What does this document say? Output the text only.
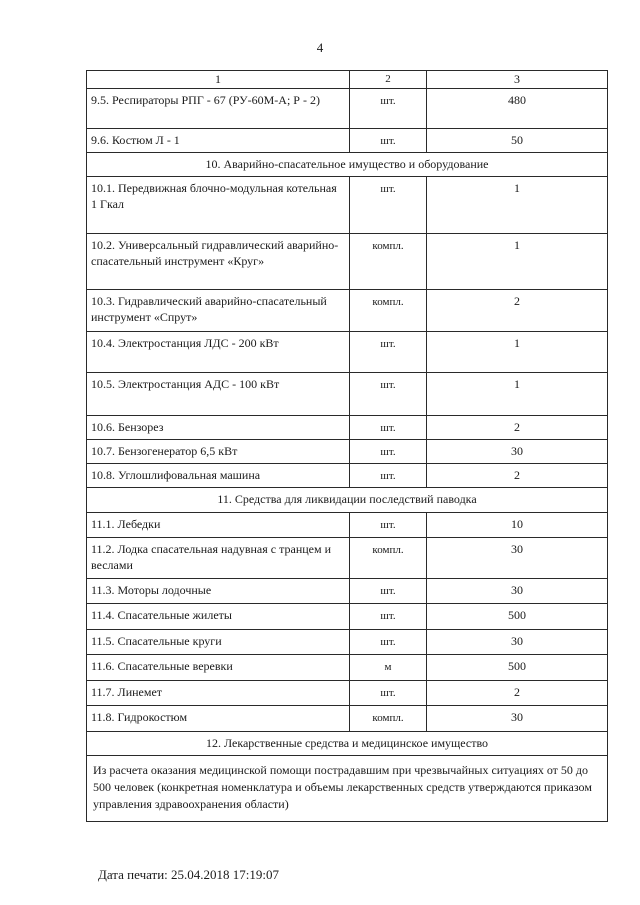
4
1	2	3
9.5. Респираторы РПГ - 67 (РУ-60М-А; Р - 2)	шт.	480
9.6. Костюм Л - 1	шт.	50
10. Аварийно-спасательное имущество и оборудование		
10.1. Передвижная блочно-модульная котельная 1 Гкал	шт.	1
10.2. Универсальный гидравлический аварийно-спасательный инструмент «Круг»	компл.	1
10.3. Гидравлический аварийно-спасательный инструмент «Спрут»	компл.	2
10.4. Электростанция ЛДС - 200 кВт	шт.	1
10.5. Электростанция АДС - 100 кВт	шт.	1
10.6. Бензорез	шт.	2
10.7. Бензогенератор 6,5 кВт	шт.	30
10.8. Углошлифовальная машина	шт.	2
11. Средства для ликвидации последствий паводка		
11.1. Лебедки	шт.	10
11.2. Лодка спасательная надувная с транцем и веслами	компл.	30
11.3. Моторы лодочные	шт.	30
11.4. Спасательные жилеты	шт.	500
11.5. Спасательные круги	шт.	30
11.6. Спасательные веревки	м	500
11.7. Линемет	шт.	2
11.8. Гидрокостюм	компл.	30
12. Лекарственные средства и медицинское имущество		
Из расчета оказания медицинской помощи пострадавшим при чрезвычайных ситуациях от 50 до 500 человек (конкретная номенклатура и объемы лекарственных средств утверждаются приказом управления здравоохранения области)		
Дата печати: 25.04.2018 17:19:07
